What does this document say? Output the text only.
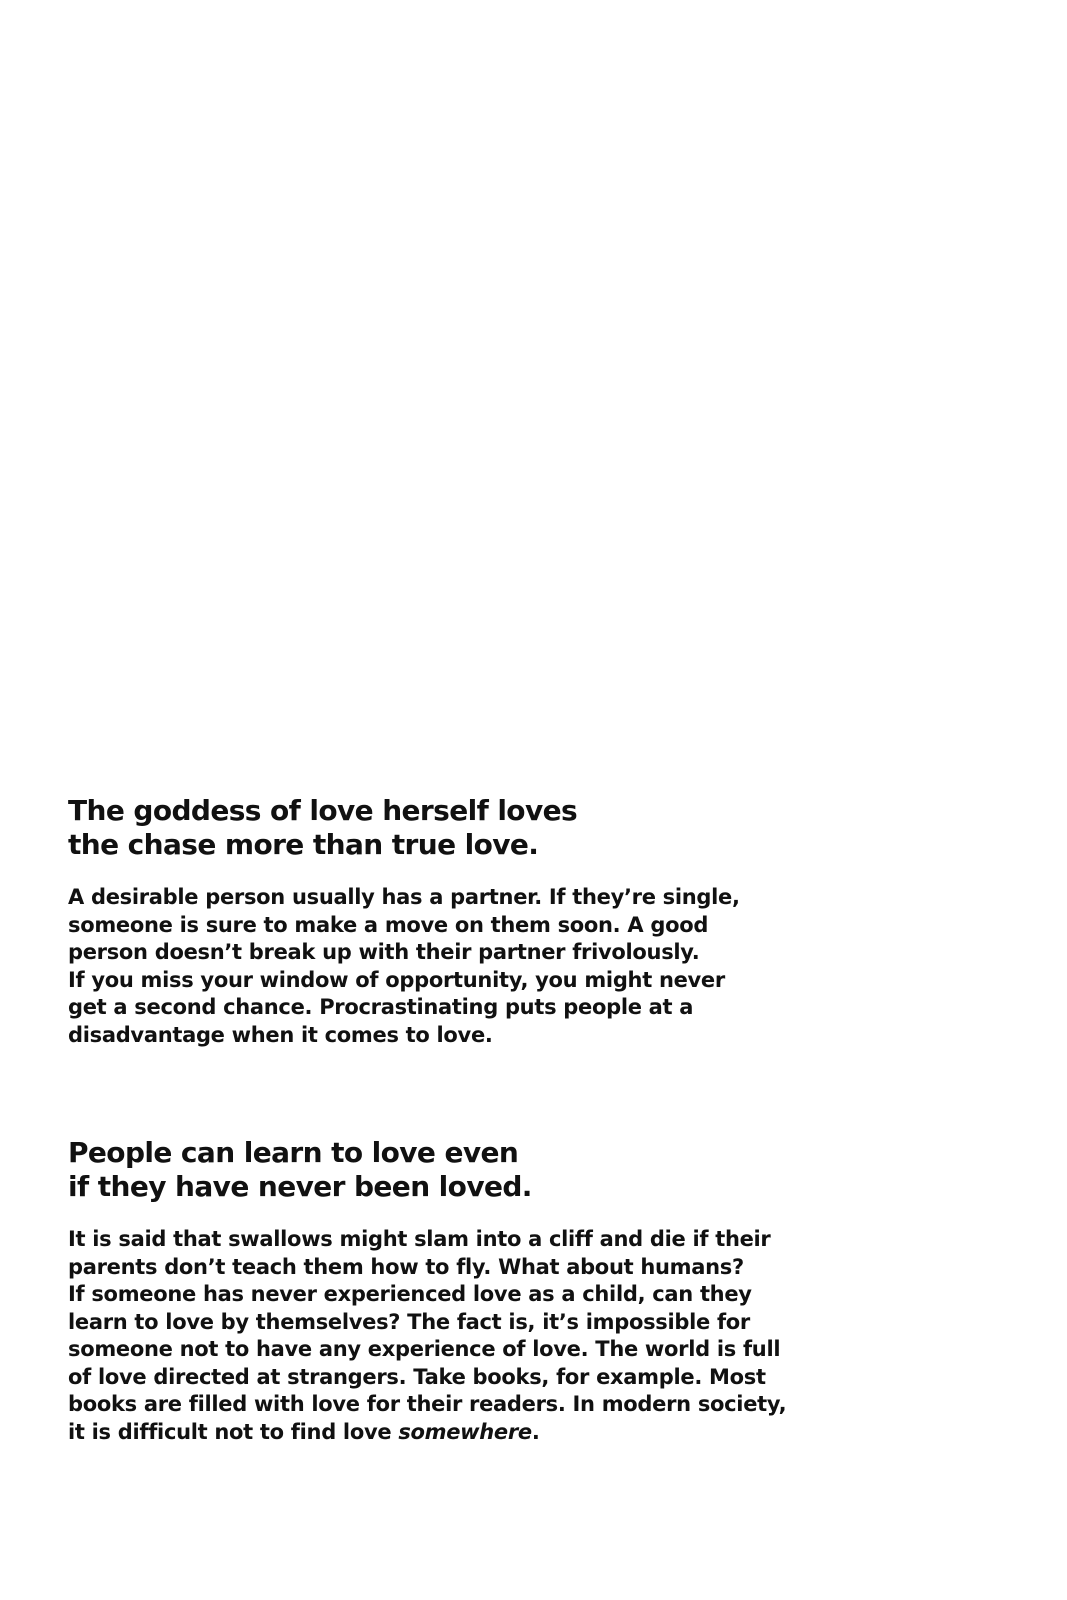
The goddess of love herself loves
the chase more than true love.

A desirable person usually has a partner. If they’re single,
someone is sure to make a move on them soon. A good
person doesn’t break up with their partner frivolously.
If you miss your window of opportunity, you might never
get a second chance. Procrastinating puts people at a
disadvantage when it comes to love.

People can learn to love even
if they have never been loved.

It is said that swallows might slam into a cliff and die if their
parents don’t teach them how to fly. What about humans?
If someone has never experienced love as a child, can they
learn to love by themselves? The fact is, it’s impossible for
someone not to have any experience of love. The world is full
of love directed at strangers. Take books, for example. Most
books are filled with love for their readers. In modern society,
it is difficult not to find love somewhere.
